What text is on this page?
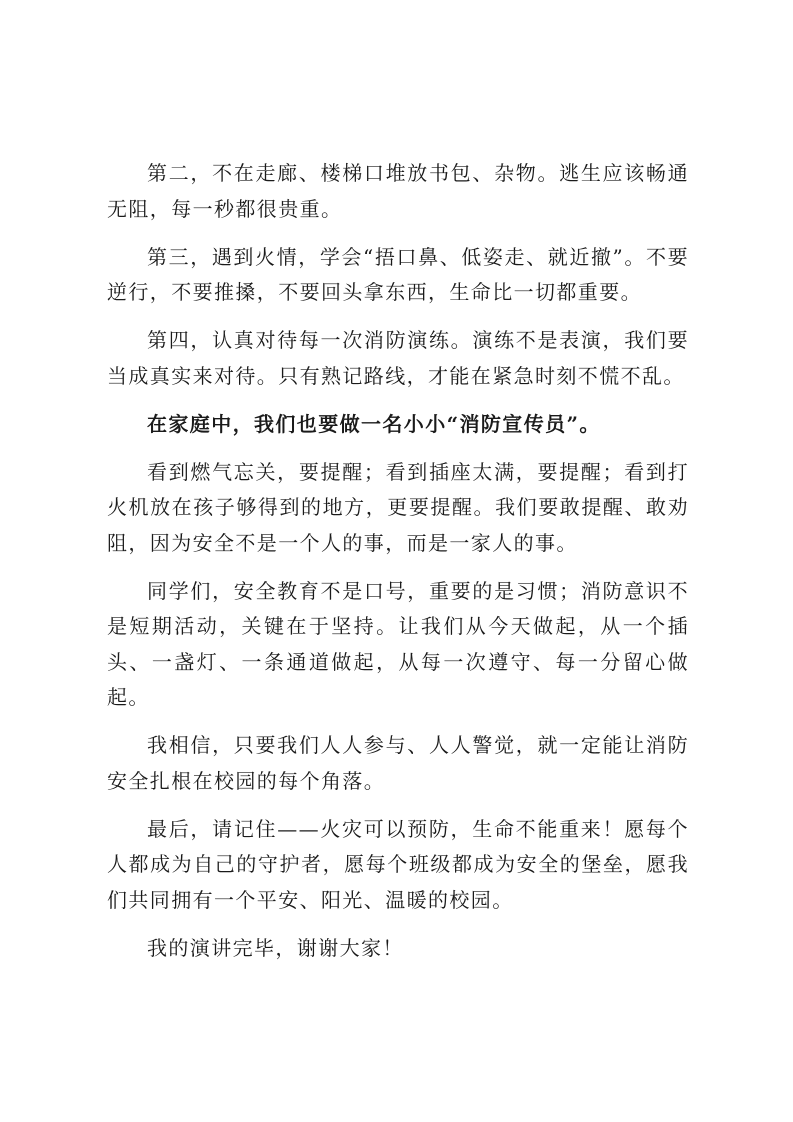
第二，不在走廊、楼梯口堆放书包、杂物。逃生应该畅通无阻，每一秒都很贵重。

第三，遇到火情，学会“捂口鼻、低姿走、就近撤”。不要逆行，不要推搡，不要回头拿东西，生命比一切都重要。

第四，认真对待每一次消防演练。演练不是表演，我们要当成真实来对待。只有熟记路线，才能在紧急时刻不慌不乱。

在家庭中，我们也要做一名小小“消防宣传员”。

看到燃气忘关，要提醒；看到插座太满，要提醒；看到打火机放在孩子够得到的地方，更要提醒。我们要敢提醒、敢劝阻，因为安全不是一个人的事，而是一家人的事。

同学们，安全教育不是口号，重要的是习惯；消防意识不是短期活动，关键在于坚持。让我们从今天做起，从一个插头、一盏灯、一条通道做起，从每一次遵守、每一分留心做起。

我相信，只要我们人人参与、人人警觉，就一定能让消防安全扎根在校园的每个角落。

最后，请记住——火灾可以预防，生命不能重来！愿每个人都成为自己的守护者，愿每个班级都成为安全的堡垒，愿我们共同拥有一个平安、阳光、温暖的校园。

我的演讲完毕，谢谢大家！
